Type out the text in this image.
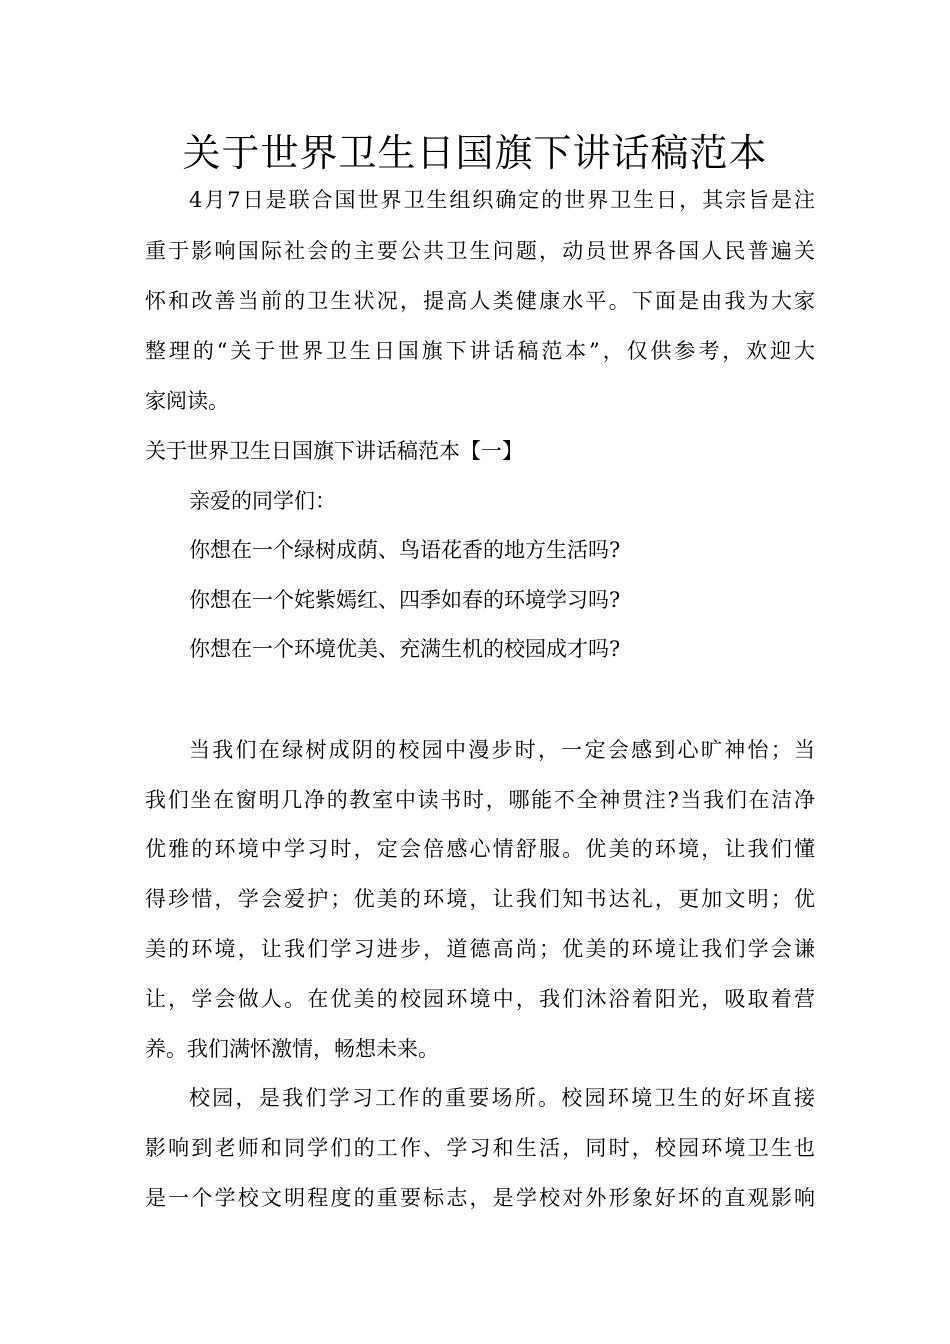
关于世界卫生日国旗下讲话稿范本

4月7日是联合国世界卫生组织确定的世界卫生日，其宗旨是注

重于影响国际社会的主要公共卫生问题，动员世界各国人民普遍关

怀和改善当前的卫生状况，提高人类健康水平。下面是由我为大家

整理的“关于世界卫生日国旗下讲话稿范本”，仅供参考，欢迎大

家阅读。

关于世界卫生日国旗下讲话稿范本【一】

亲爱的同学们：

你想在一个绿树成荫、鸟语花香的地方生活吗?

你想在一个姹紫嫣红、四季如春的环境学习吗?

你想在一个环境优美、充满生机的校园成才吗?

当我们在绿树成阴的校园中漫步时，一定会感到心旷神怡；当

我们坐在窗明几净的教室中读书时，哪能不全神贯注?当我们在洁净

优雅的环境中学习时，定会倍感心情舒服。优美的环境，让我们懂

得珍惜，学会爱护；优美的环境，让我们知书达礼，更加文明；优

美的环境，让我们学习进步，道德高尚；优美的环境让我们学会谦

让，学会做人。在优美的校园环境中，我们沐浴着阳光，吸取着营

养。我们满怀激情，畅想未来。

校园，是我们学习工作的重要场所。校园环境卫生的好坏直接

影响到老师和同学们的工作、学习和生活，同时，校园环境卫生也

是一个学校文明程度的重要标志，是学校对外形象好坏的直观影响
